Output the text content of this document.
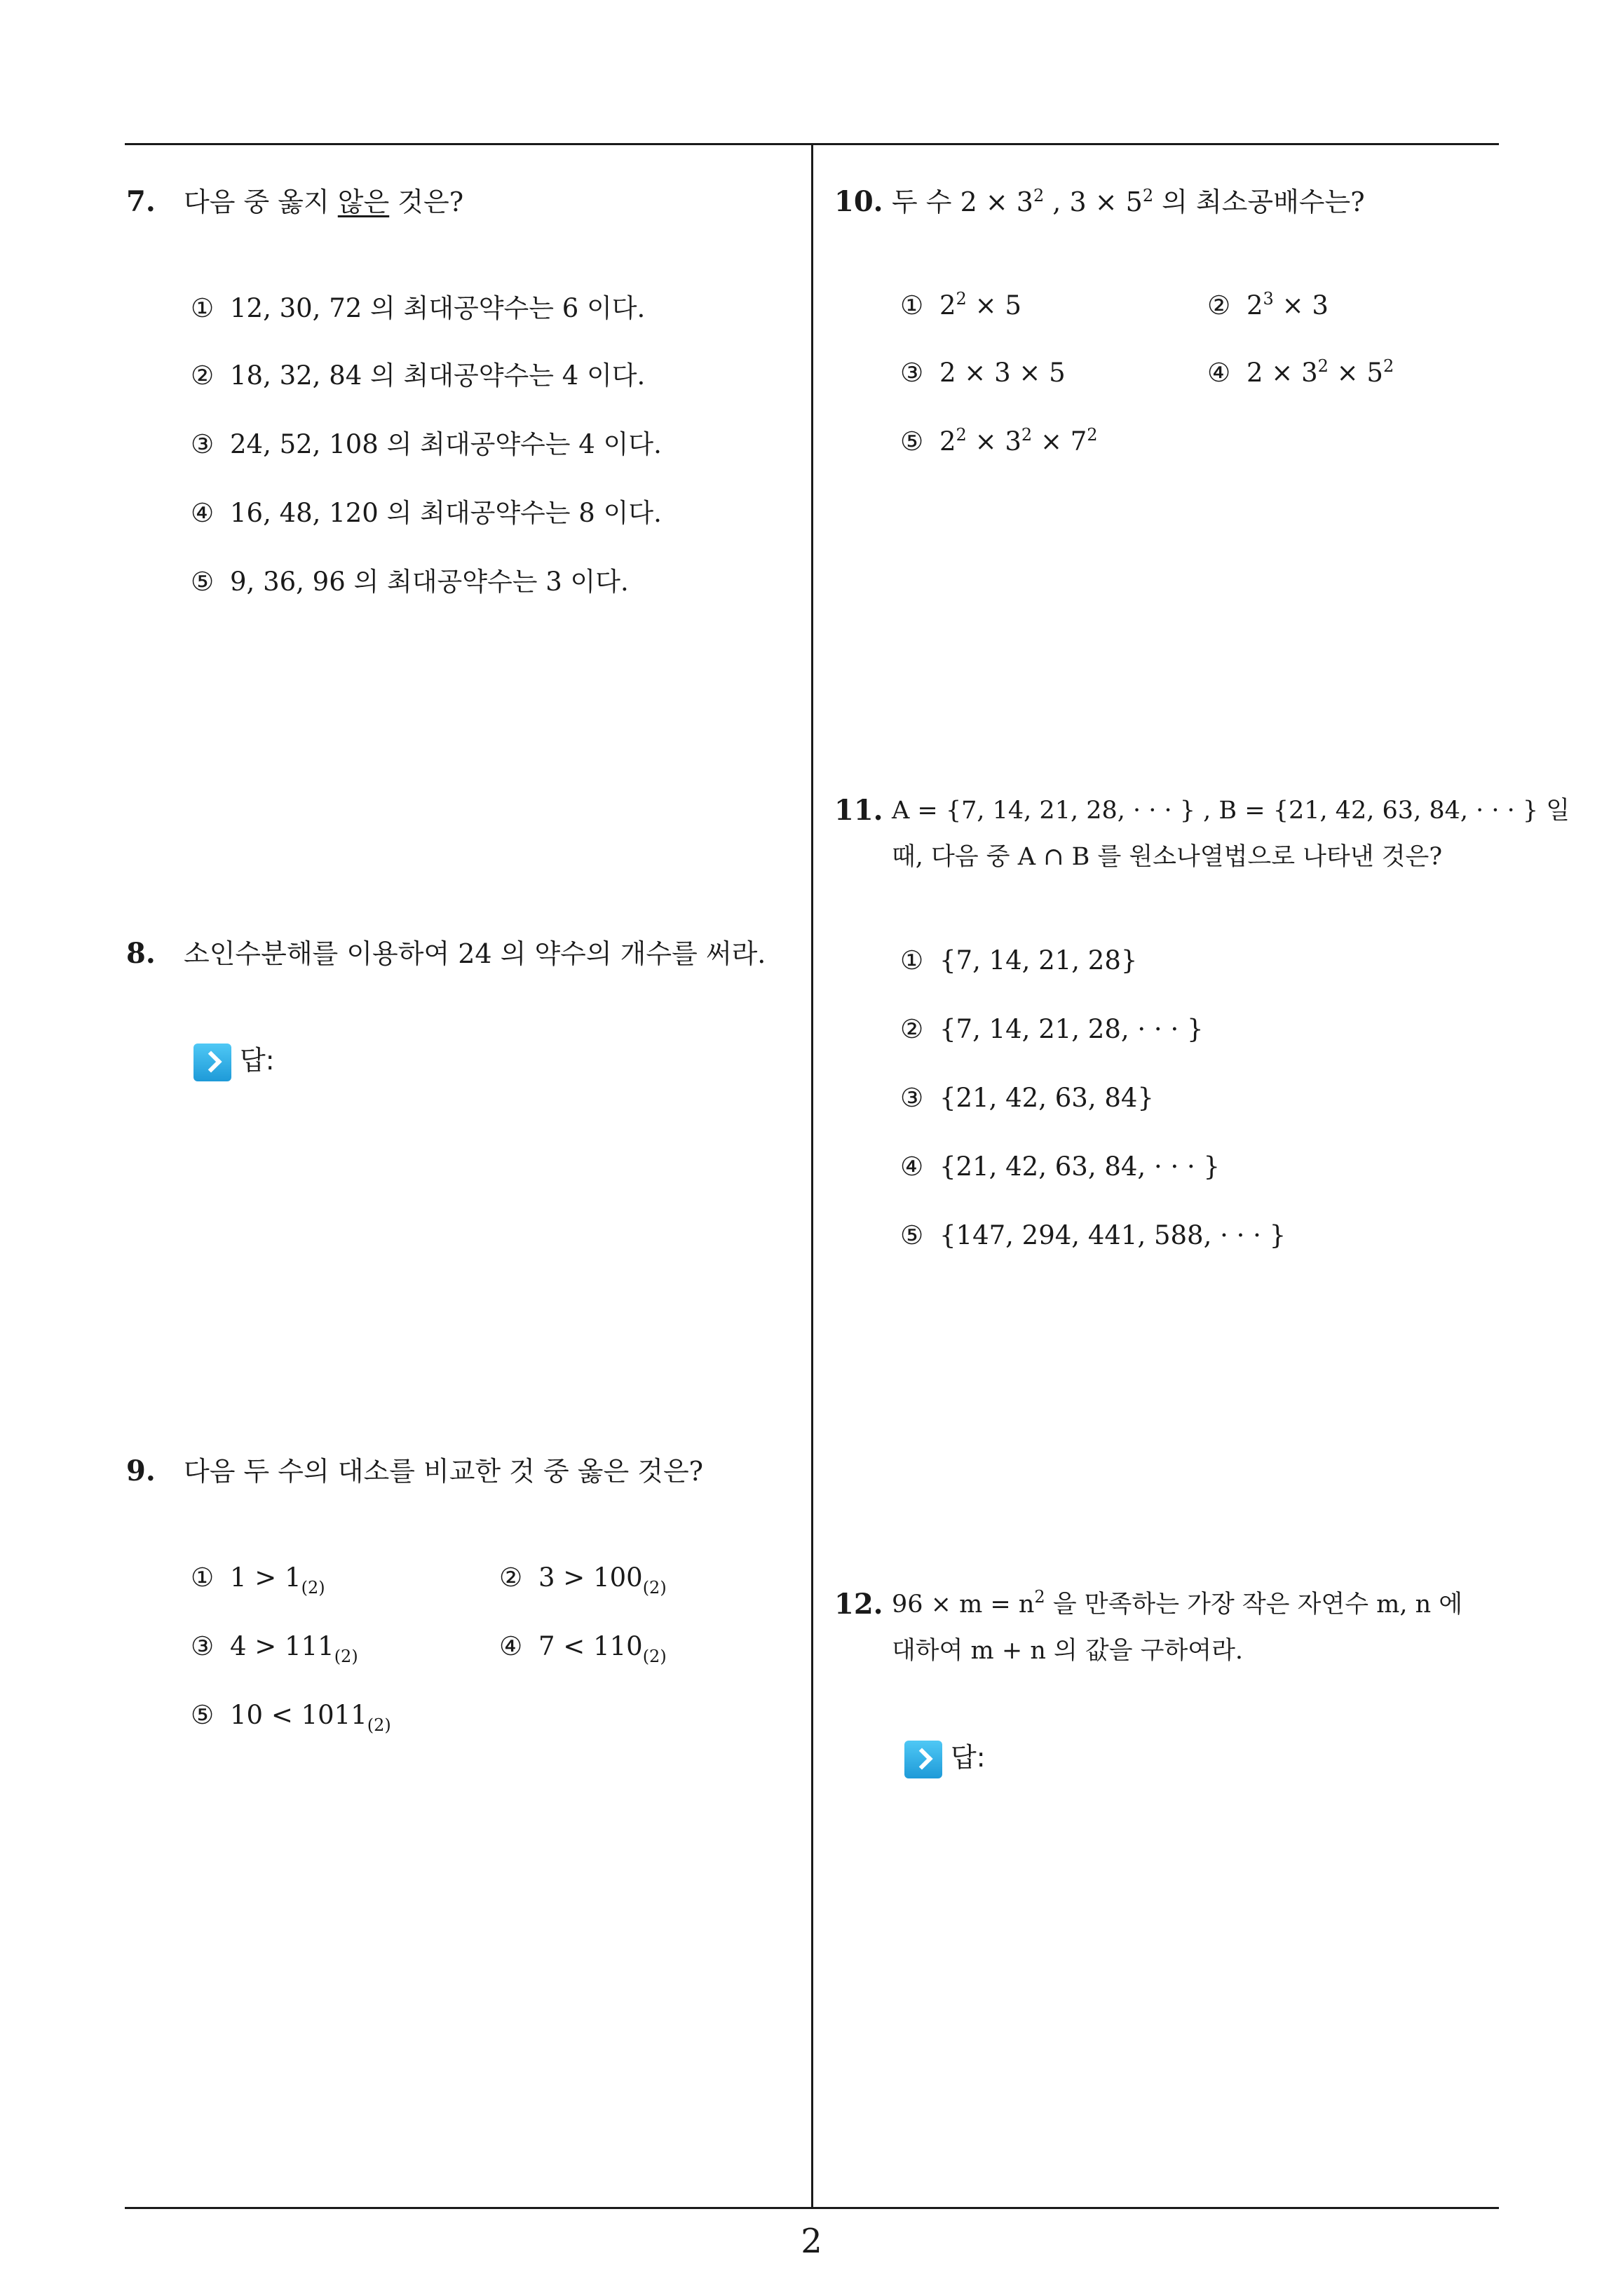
7. 다음 중 옳지 않은 것은?
① 12, 30, 72 의 최대공약수는 6 이다.
② 18, 32, 84 의 최대공약수는 4 이다.
③ 24, 52, 108 의 최대공약수는 4 이다.
④ 16, 48, 120 의 최대공약수는 8 이다.
⑤ 9, 36, 96 의 최대공약수는 3 이다.
8. 소인수분해를 이용하여 24 의 약수의 개수를 써라.
답:
9. 다음 두 수의 대소를 비교한 것 중 옳은 것은?
① $1 > 1_{(2)}$	② $3 > 100_{(2)}$
③ $4 > 111_{(2)}$	④ $7 < 110_{(2)}$
⑤ $10 < 1011_{(2)}$
10. 두 수 $2 \times 3^2$ , $3 \times 5^2$ 의 최소공배수는?
① $2^2 \times 5$	② $2^3 \times 3$
③ 2 × 3 × 5	④ $2 \times 3^2 \times 5^2$
⑤ $2^2 \times 3^2 \times 7^2$
11. A = {7, 14, 21, 28, · · · } , B = {21, 42, 63, 84, · · · } 일
때, 다음 중 A ∩ B 를 원소나열법으로 나타낸 것은?
① {7, 14, 21, 28}
② {7, 14, 21, 28, · · · }
③ {21, 42, 63, 84}
④ {21, 42, 63, 84, · · · }
⑤ {147, 294, 441, 588, · · · }
12. $96 \times m = n^2$ 을 만족하는 가장 작은 자연수 m, n 에
대하여 m + n 의 값을 구하여라.
답:
2
